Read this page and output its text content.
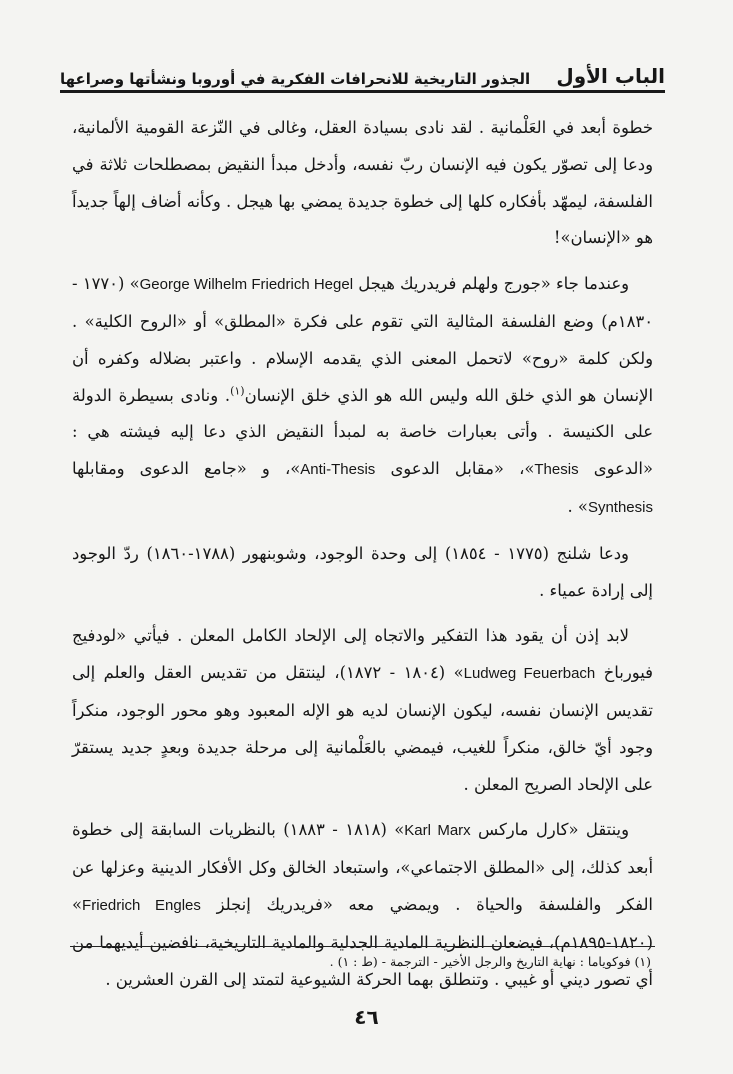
الباب الأول
الجذور التاريخية للانحرافات الفكرية في أوروبا ونشأتها وصراعها

خطوة أبعد في العَلْمانية . لقد نادى بسيادة العقل، وغالى في النّزعة القومية الألمانية، ودعا إلى تصوّر يكون فيه الإنسان ربّ نفسه، وأدخل مبدأ النقيض بمصطلحات ثلاثة في الفلسفة، ليمهّد بأفكاره كلها إلى خطوة جديدة يمضي بها هيجل . وكأنه أضاف إلهاً جديداً هو «الإنسان»!

وعندما جاء «جورج ولهلم فريدريك هيجل George Wilhelm Friedrich Hegel» (١٧٧٠ - ١٨٣٠م) وضع الفلسفة المثالية التي تقوم على فكرة «المطلق» أو «الروح الكلية» . ولكن كلمة «روح» لاتحمل المعنى الذي يقدمه الإسلام . واعتبر بضلاله وكفره أن الإنسان هو الذي خلق الله وليس الله هو الذي خلق الإنسان$^{(١)}$. ونادى بسيطرة الدولة على الكنيسة . وأتى بعبارات خاصة به لمبدأ النقيض الذي دعا إليه فيشته هي : «الدعوى Thesis»، «مقابل الدعوى Anti-Thesis»، و «جامع الدعوى ومقابلها Synthesis» .

ودعا شلنج (١٧٧٥ - ١٨٥٤) إلى وحدة الوجود، وشوبنهور (١٧٨٨-١٨٦٠) ردّ الوجود إلى إرادة عمياء .

لابد إذن أن يقود هذا التفكير والاتجاه إلى الإلحاد الكامل المعلن . فيأتي «لودفيج فيورباخ Ludweg Feuerbach» (١٨٠٤ - ١٨٧٢)، لينتقل من تقديس العقل والعلم إلى تقديس الإنسان نفسه، ليكون الإنسان لديه هو الإله المعبود وهو محور الوجود، منكراً وجود أيّ خالق، منكراً للغيب، فيمضي بالعَلْمانية إلى مرحلة جديدة وبعدٍ جديد يستقرّ على الإلحاد الصريح المعلن .

وينتقل «كارل ماركس Karl Marx» (١٨١٨ - ١٨٨٣) بالنظريات السابقة إلى خطوة أبعد كذلك، إلى «المطلق الاجتماعي»، واستبعاد الخالق وكل الأفكار الدينية وعزلها عن الفكر والفلسفة والحياة . ويمضي معه «فريدريك إنجلز Friedrich Engles» (١٨٢٠-١٨٩٥م)، فيضعان النظرية المادية الجدلية والمادية التاريخية، نافضين أيديهما من أي تصور ديني أو غيبي . وتنطلق بهما الحركة الشيوعية لتمتد إلى القرن العشرين .

(١) فوكوياما : نهاية التاريخ والرجل الأخير - الترجمة - (ط : ١) .
٤٦
